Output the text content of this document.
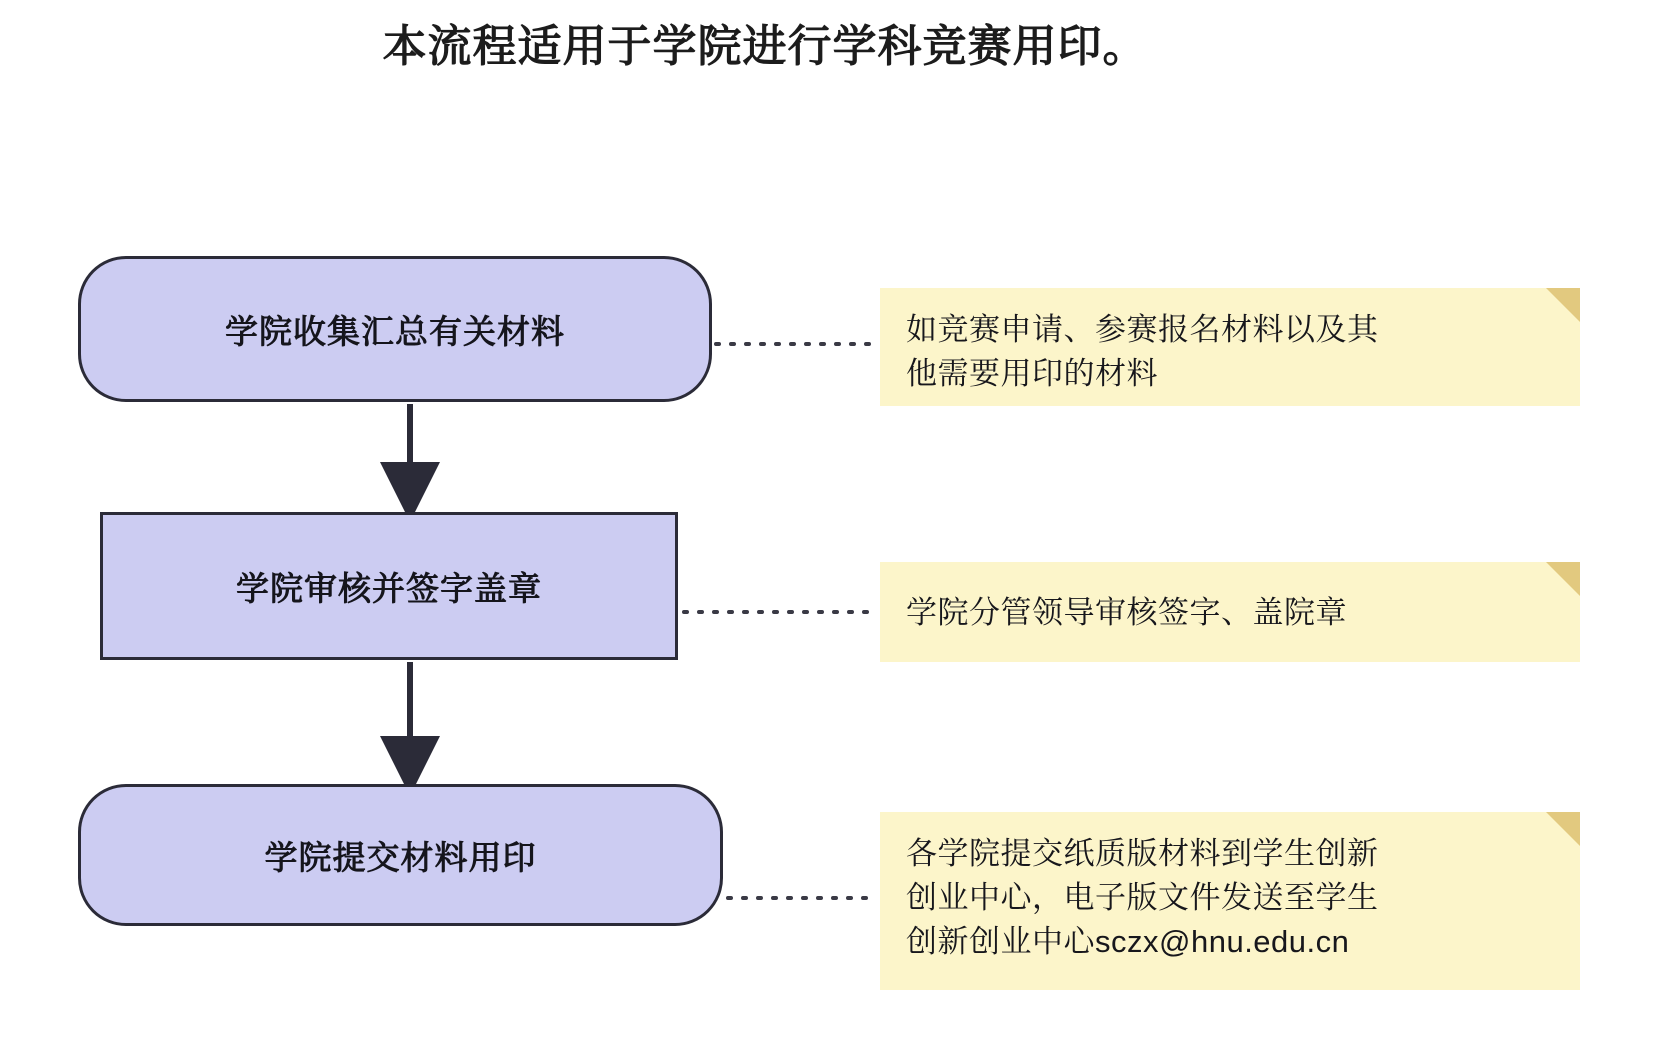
本流程适用于学院进行学科竞赛用印。
学院收集汇总有关材料
学院审核并签字盖章
学院提交材料用印
如竞赛申请、参赛报名材料以及其
他需要用印的材料
学院分管领导审核签字、盖院章
各学院提交纸质版材料到学生创新
创业中心，电子版文件发送至学生
创新创业中心sczx@hnu.edu.cn
